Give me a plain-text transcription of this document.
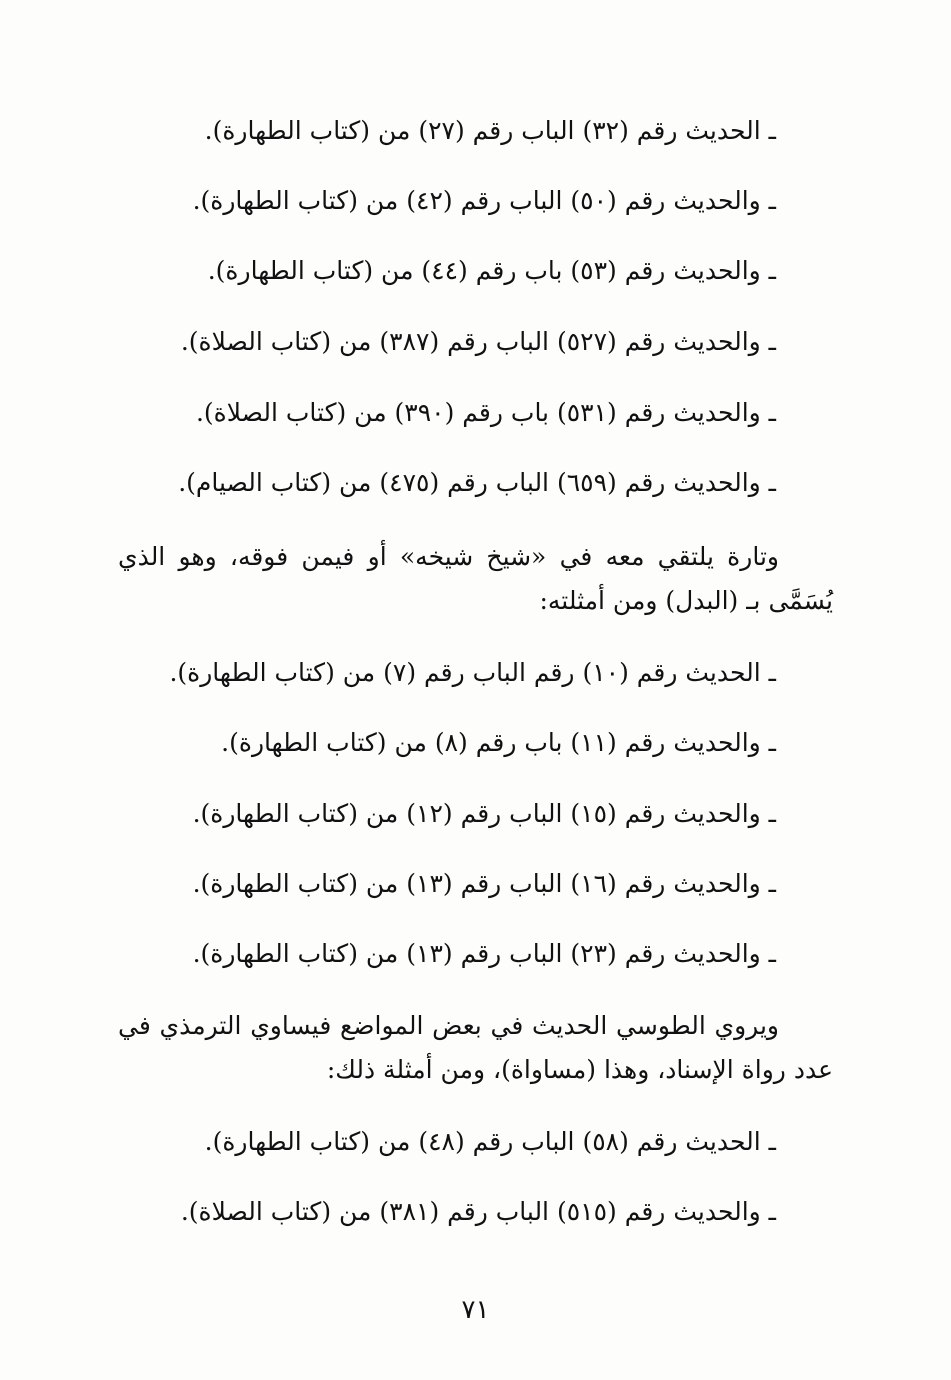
ـ الحديث رقم (٣٢) الباب رقم (٢٧) من (كتاب الطهارة).
ـ والحديث رقم (٥٠) الباب رقم (٤٢) من (كتاب الطهارة).
ـ والحديث رقم (٥٣) باب رقم (٤٤) من (كتاب الطهارة).
ـ والحديث رقم (٥٢٧) الباب رقم (٣٨٧) من (كتاب الصلاة).
ـ والحديث رقم (٥٣١) باب رقم (٣٩٠) من (كتاب الصلاة).
ـ والحديث رقم (٦٥٩) الباب رقم (٤٧٥) من (كتاب الصيام).
وتارة يلتقي معه في «شيخ شيخه» أو فيمن فوقه، وهو الذي يُسَمَّى بـ (البدل) ومن أمثلته:
ـ الحديث رقم (١٠) رقم الباب رقم (٧) من (كتاب الطهارة).
ـ والحديث رقم (١١) باب رقم (٨) من (كتاب الطهارة).
ـ والحديث رقم (١٥) الباب رقم (١٢) من (كتاب الطهارة).
ـ والحديث رقم (١٦) الباب رقم (١٣) من (كتاب الطهارة).
ـ والحديث رقم (٢٣) الباب رقم (١٣) من (كتاب الطهارة).
ويروي الطوسي الحديث في بعض المواضع فيساوي الترمذي في عدد رواة الإسناد، وهذا (مساواة)، ومن أمثلة ذلك:
ـ الحديث رقم (٥٨) الباب رقم (٤٨) من (كتاب الطهارة).
ـ والحديث رقم (٥١٥) الباب رقم (٣٨١) من (كتاب الصلاة).
٧١
